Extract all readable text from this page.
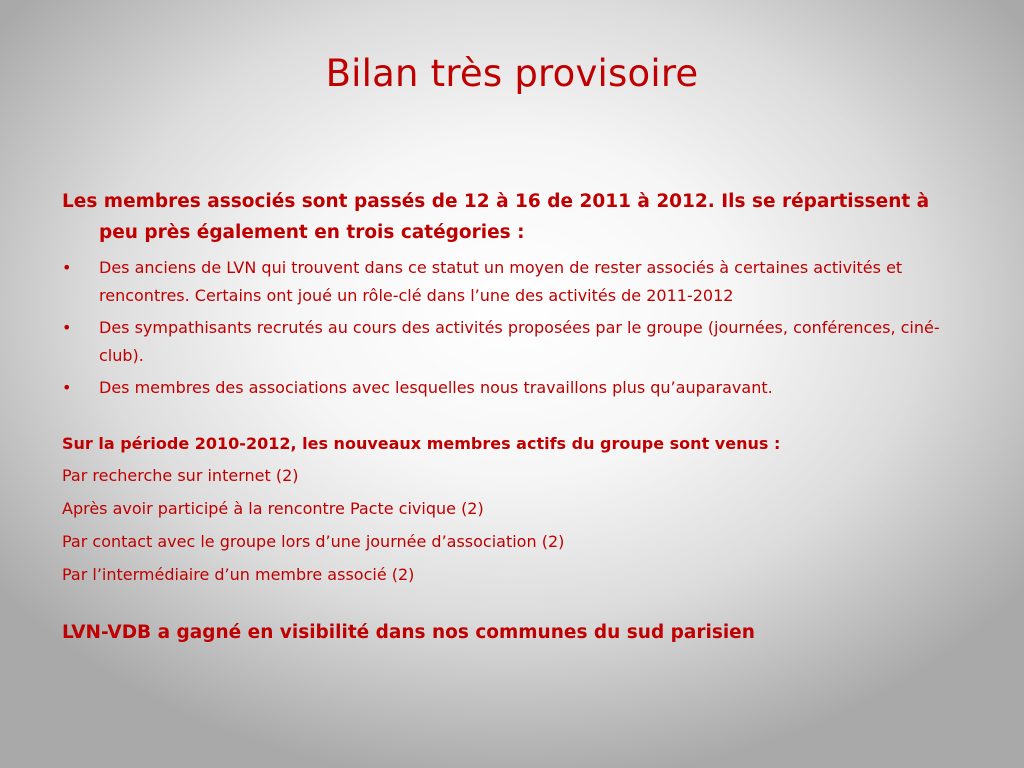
Bilan très provisoire

Les membres associés sont passés de 12 à 16 de 2011 à 2012. Ils se répartissent à peu près également en trois catégories :

• Des anciens de LVN qui trouvent dans ce statut un moyen de rester associés à certaines activités et rencontres. Certains ont joué un rôle-clé dans l’une des activités de 2011-2012
• Des sympathisants recrutés au cours des activités proposées par le groupe (journées, conférences, ciné-club).
• Des membres des associations avec lesquelles nous travaillons plus qu’auparavant.

Sur la période 2010-2012, les nouveaux membres actifs du groupe sont venus :

Par recherche sur internet (2)

Après avoir participé à la rencontre Pacte civique (2)

Par contact avec le groupe lors d’une journée d’association (2)

Par l’intermédiaire d’un membre associé (2)

LVN-VDB a gagné en visibilité dans nos communes du sud parisien
